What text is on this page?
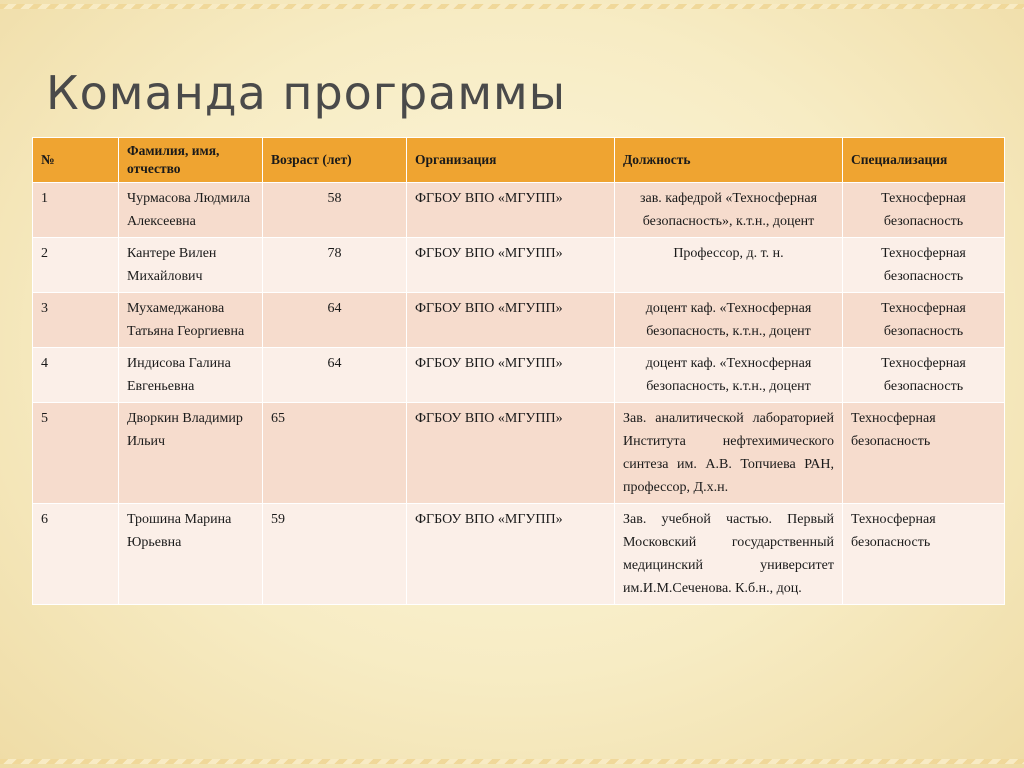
Команда программы
№	Фамилия, имя, отчество	Возраст (лет)	Организация	Должность	Специализация
1	Чурмасова Людмила Алексеевна	58	ФГБОУ ВПО «МГУПП»	зав. кафедрой «Техносферная безопасность», к.т.н., доцент	Техносферная безопасность
2	Кантере Вилен Михайлович	78	ФГБОУ ВПО «МГУПП»	Профессор, д. т. н.	Техносферная безопасность
3	Мухамеджанова Татьяна Георгиевна	64	ФГБОУ ВПО «МГУПП»	доцент каф. «Техносферная безопасность, к.т.н., доцент	Техносферная безопасность
4	Индисова Галина Евгеньевна	64	ФГБОУ ВПО «МГУПП»	доцент каф. «Техносферная безопасность, к.т.н., доцент	Техносферная безопасность
5	Дворкин Владимир Ильич	65	ФГБОУ ВПО «МГУПП»	Зав. аналитической лабораторией Института нефтехимического синтеза им. А.В. Топчиева РАН, профессор, Д.х.н.	Техносферная безопасность
6	Трошина Марина Юрьевна	59	ФГБОУ ВПО «МГУПП»	Зав. учебной частью. Первый Московский государственный медицинский университет им.И.М.Сеченова. К.б.н., доц.	Техносферная безопасность
